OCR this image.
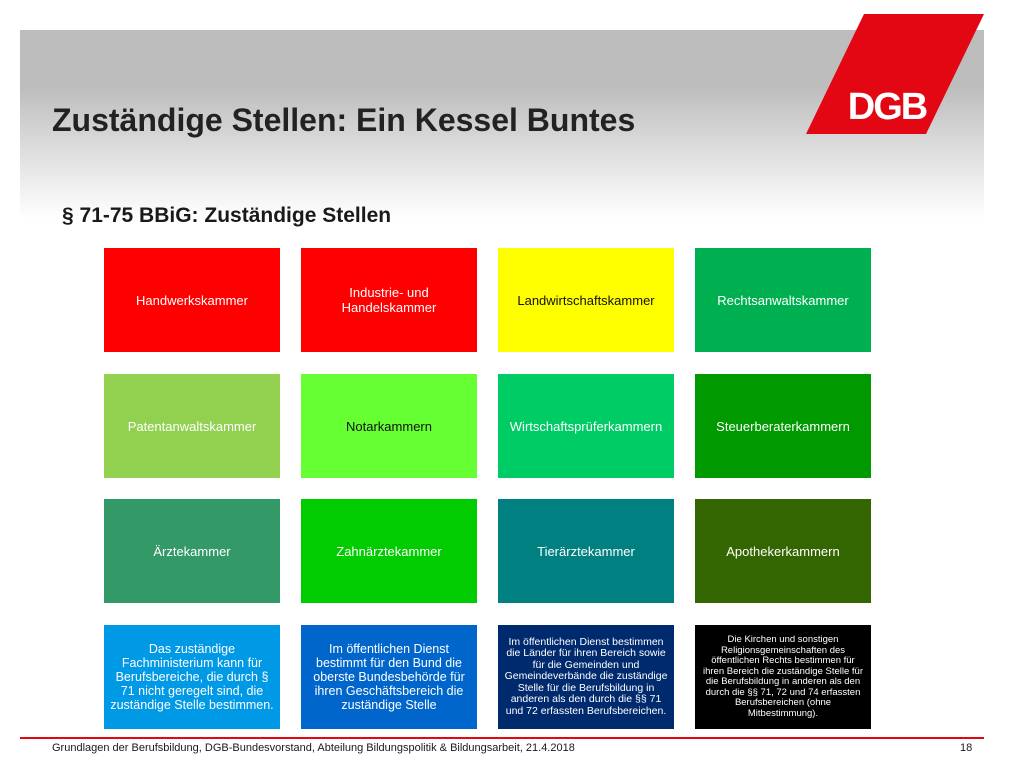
Zuständige Stellen: Ein Kessel Buntes	DGB
§ 71-75 BBiG: Zuständige Stellen
Handwerkskammer	Industrie- und Handelskammer	Landwirtschaftskammer	Rechtsanwaltskammer
Patentanwaltskammer	Notarkammern	Wirtschaftsprüferkammern	Steuerberaterkammern
Ärztekammer	Zahnärztekammer	Tierärztekammer	Apothekerkammern
Das zuständige Fachministerium kann für Berufsbereiche, die durch § 71 nicht geregelt sind, die zuständige Stelle bestimmen.
Im öffentlichen Dienst bestimmt für den Bund die oberste Bundesbehörde für ihren Geschäftsbereich die zuständige Stelle
Im öffentlichen Dienst bestimmen die Länder für ihren Bereich sowie für die Gemeinden und Gemeindeverbände die zuständige Stelle für die Berufsbildung in anderen als den durch die §§ 71 und 72 erfassten Berufsbereichen.
Die Kirchen und sonstigen Religionsgemeinschaften des öffentlichen Rechts bestimmen für ihren Bereich die zuständige Stelle für die Berufsbildung in anderen als den durch die §§ 71, 72 und 74 erfassten Berufsbereichen (ohne Mitbestimmung).
Grundlagen der Berufsbildung, DGB-Bundesvorstand, Abteilung Bildungspolitik & Bildungsarbeit, 21.4.2018	18
